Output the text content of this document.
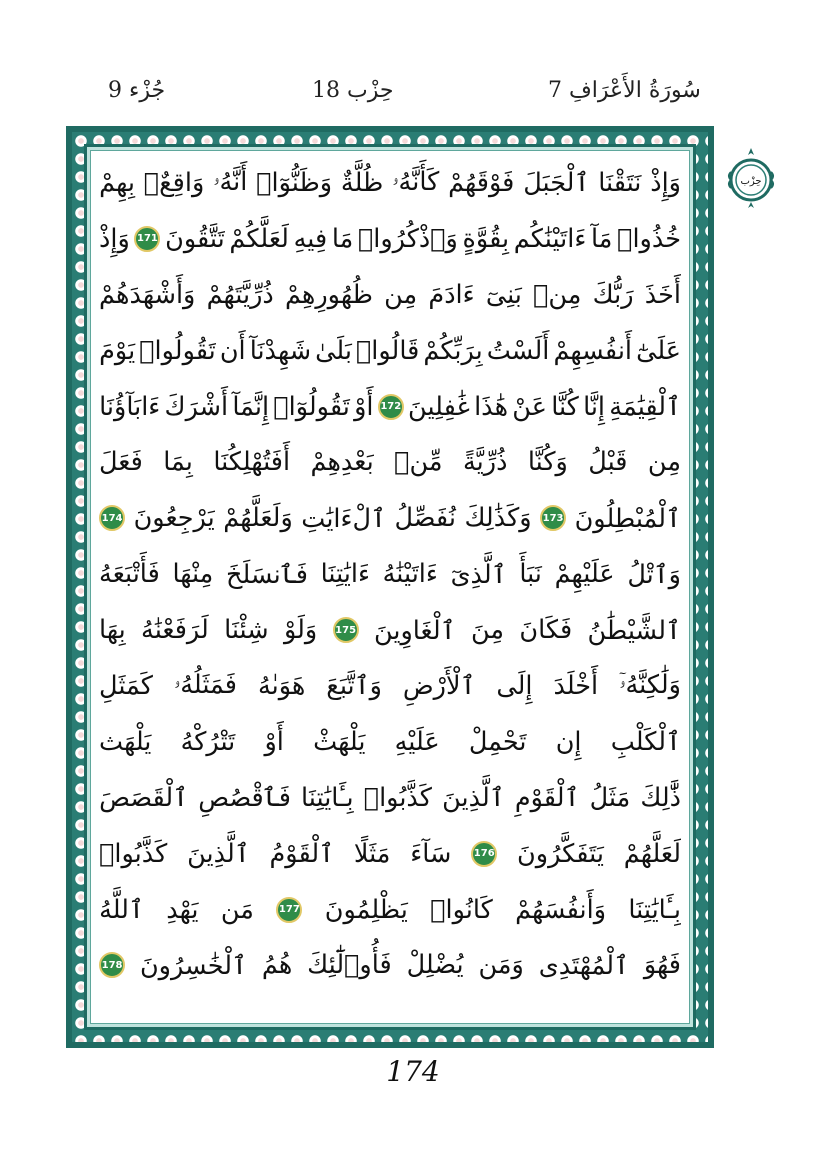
جُزْء 9	حِزْب 18	7 سُورَةُ الأَعْرَافِ
وَإِذْ
نَتَقْنَا
ٱلْجَبَلَ
فَوْقَهُمْ
كَأَنَّهُۥ
ظُلَّةٌ
وَظَنُّوٓا۟
أَنَّهُۥ
وَاقِعٌۢ
بِهِمْ
خُذُوا۟
مَآ
ءَاتَيْنَٰكُم
بِقُوَّةٍ
وَٱذْكُرُوا۟
مَا
فِيهِ
لَعَلَّكُمْ
تَتَّقُونَ
171
وَإِذْ
أَخَذَ
رَبُّكَ
مِنۢ
بَنِىٓ
ءَادَمَ
مِن
ظُهُورِهِمْ
ذُرِّيَّتَهُمْ
وَأَشْهَدَهُمْ
عَلَىٰٓ
أَنفُسِهِمْ
أَلَسْتُ
بِرَبِّكُمْ
قَالُوا۟
بَلَىٰ
شَهِدْنَآ
أَن
تَقُولُوا۟
يَوْمَ
ٱلْقِيَٰمَةِ
إِنَّا
كُنَّا
عَنْ
هَٰذَا
غَٰفِلِينَ
172
أَوْ
تَقُولُوٓا۟
إِنَّمَآ
أَشْرَكَ
ءَابَآؤُنَا
مِن
قَبْلُ
وَكُنَّا
ذُرِّيَّةً
مِّنۢ
بَعْدِهِمْ
أَفَتُهْلِكُنَا
بِمَا
فَعَلَ
ٱلْمُبْطِلُونَ
173
وَكَذَٰلِكَ
نُفَصِّلُ
ٱلْءَايَٰتِ
وَلَعَلَّهُمْ
يَرْجِعُونَ
174
وَٱتْلُ
عَلَيْهِمْ
نَبَأَ
ٱلَّذِىٓ
ءَاتَيْنَٰهُ
ءَايَٰتِنَا
فَٱنسَلَخَ
مِنْهَا
فَأَتْبَعَهُ
ٱلشَّيْطَٰنُ
فَكَانَ
مِنَ
ٱلْغَاوِينَ
175
وَلَوْ
شِئْنَا
لَرَفَعْنَٰهُ
بِهَا
وَلَٰكِنَّهُۥٓ
أَخْلَدَ
إِلَى
ٱلْأَرْضِ
وَٱتَّبَعَ
هَوَىٰهُ
فَمَثَلُهُۥ
كَمَثَلِ
ٱلْكَلْبِ
إِن
تَحْمِلْ
عَلَيْهِ
يَلْهَثْ
أَوْ
تَتْرُكْهُ
يَلْهَث
ذَّٰلِكَ
مَثَلُ
ٱلْقَوْمِ
ٱلَّذِينَ
كَذَّبُوا۟
بِـَٔايَٰتِنَا
فَٱقْصُصِ
ٱلْقَصَصَ
لَعَلَّهُمْ
يَتَفَكَّرُونَ
176
سَآءَ
مَثَلًا
ٱلْقَوْمُ
ٱلَّذِينَ
كَذَّبُوا۟
بِـَٔايَٰتِنَا
وَأَنفُسَهُمْ
كَانُوا۟
يَظْلِمُونَ
177
مَن
يَهْدِ
ٱللَّهُ
فَهُوَ
ٱلْمُهْتَدِى
وَمَن
يُضْلِلْ
فَأُو۟لَٰٓئِكَ
هُمُ
ٱلْخَٰسِرُونَ
178
حِزْب
174
